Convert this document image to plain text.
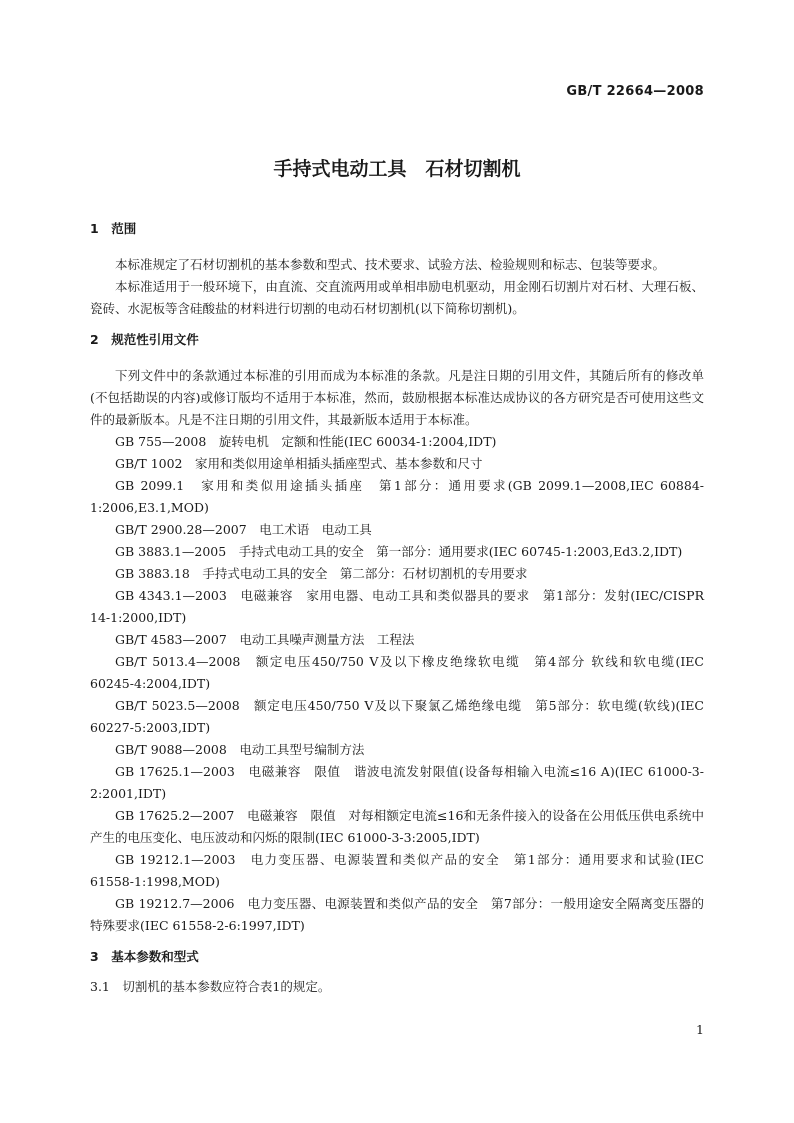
GB/T 22664—2008
手持式电动工具　石材切割机
1　范围

本标准规定了石材切割机的基本参数和型式、技术要求、试验方法、检验规则和标志、包装等要求。

本标准适用于一般环境下，由直流、交直流两用或单相串励电机驱动，用金刚石切割片对石材、大理石板、瓷砖、水泥板等含硅酸盐的材料进行切割的电动石材切割机(以下简称切割机)。

2　规范性引用文件

下列文件中的条款通过本标准的引用而成为本标准的条款。凡是注日期的引用文件，其随后所有的修改单(不包括勘误的内容)或修订版均不适用于本标准，然而，鼓励根据本标准达成协议的各方研究是否可使用这些文件的最新版本。凡是不注日期的引用文件，其最新版本适用于本标准。

GB 755—2008　旋转电机　定额和性能(IEC 60034-1:2004,IDT)

GB/T 1002　家用和类似用途单相插头插座型式、基本参数和尺寸

GB 2099.1　家用和类似用途插头插座　第1部分：通用要求(GB 2099.1—2008,IEC 60884-1:2006,E3.1,MOD)

GB/T 2900.28—2007　电工术语　电动工具

GB 3883.1—2005　手持式电动工具的安全　第一部分：通用要求(IEC 60745-1:2003,Ed3.2,IDT)

GB 3883.18　手持式电动工具的安全　第二部分：石材切割机的专用要求

GB 4343.1—2003　电磁兼容　家用电器、电动工具和类似器具的要求　第1部分：发射(IEC/CISPR 14-1:2000,IDT)

GB/T 4583—2007　电动工具噪声测量方法　工程法

GB/T 5013.4—2008　额定电压450/750 V及以下橡皮绝缘软电缆　第4部分 软线和软电缆(IEC 60245-4:2004,IDT)

GB/T 5023.5—2008　额定电压450/750 V及以下聚氯乙烯绝缘电缆　第5部分：软电缆(软线)(IEC 60227-5:2003,IDT)

GB/T 9088—2008　电动工具型号编制方法

GB 17625.1—2003　电磁兼容　限值　谐波电流发射限值(设备每相输入电流≤16 A)(IEC 61000-3-2:2001,IDT)

GB 17625.2—2007　电磁兼容　限值　对每相额定电流≤16和无条件接入的设备在公用低压供电系统中产生的电压变化、电压波动和闪烁的限制(IEC 61000-3-3:2005,IDT)

GB 19212.1—2003　电力变压器、电源装置和类似产品的安全　第1部分：通用要求和试验(IEC 61558-1:1998,MOD)

GB 19212.7—2006　电力变压器、电源装置和类似产品的安全　第7部分：一般用途安全隔离变压器的特殊要求(IEC 61558-2-6:1997,IDT)

3　基本参数和型式

3.1　切割机的基本参数应符合表1的规定。

1
